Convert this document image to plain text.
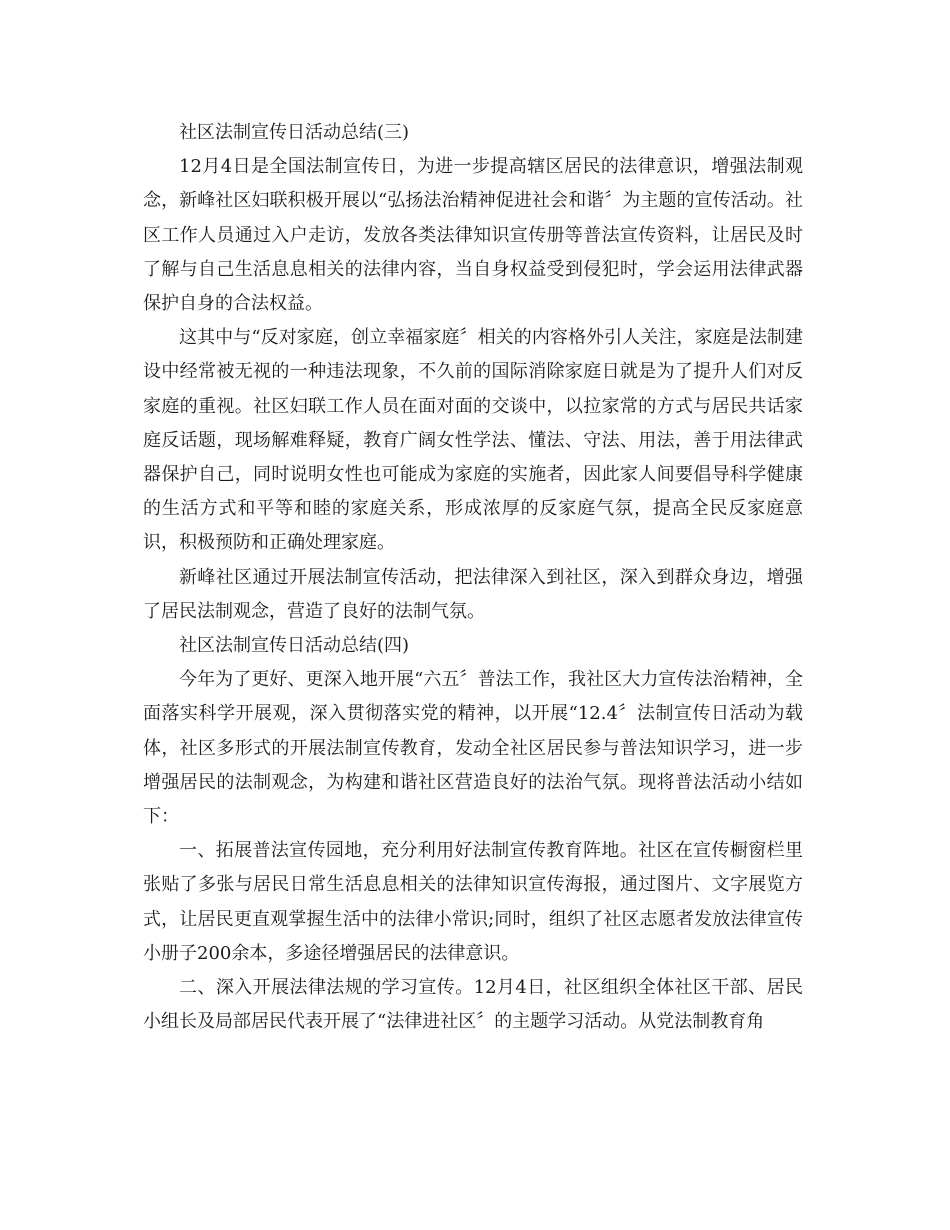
社区法制宣传日活动总结(三)

12月4日是全国法制宣传日，为进一步提高辖区居民的法律意识，增强法制观念，新峰社区妇联积极开展以“弘扬法治精神促进社会和谐〞为主题的宣传活动。社区工作人员通过入户走访，发放各类法律知识宣传册等普法宣传资料，让居民及时了解与自己生活息息相关的法律内容，当自身权益受到侵犯时，学会运用法律武器保护自身的合法权益。

这其中与“反对家庭，创立幸福家庭〞相关的内容格外引人关注，家庭是法制建设中经常被无视的一种违法现象，不久前的国际消除家庭日就是为了提升人们对反家庭的重视。社区妇联工作人员在面对面的交谈中，以拉家常的方式与居民共话家庭反话题，现场解难释疑，教育广阔女性学法、懂法、守法、用法，善于用法律武器保护自己，同时说明女性也可能成为家庭的实施者，因此家人间要倡导科学健康的生活方式和平等和睦的家庭关系，形成浓厚的反家庭气氛，提高全民反家庭意识，积极预防和正确处理家庭。

新峰社区通过开展法制宣传活动，把法律深入到社区，深入到群众身边，增强了居民法制观念，营造了良好的法制气氛。

社区法制宣传日活动总结(四)

今年为了更好、更深入地开展“六五〞普法工作，我社区大力宣传法治精神，全面落实科学开展观，深入贯彻落实党的精神，以开展“12.4〞法制宣传日活动为载体，社区多形式的开展法制宣传教育，发动全社区居民参与普法知识学习，进一步增强居民的法制观念，为构建和谐社区营造良好的法治气氛。现将普法活动小结如下：

一、拓展普法宣传园地，充分利用好法制宣传教育阵地。社区在宣传橱窗栏里张贴了多张与居民日常生活息息相关的法律知识宣传海报，通过图片、文字展览方式，让居民更直观掌握生活中的法律小常识;同时，组织了社区志愿者发放法律宣传小册子200余本，多途径增强居民的法律意识。

二、深入开展法律法规的学习宣传。12月4日，社区组织全体社区干部、居民小组长及局部居民代表开展了“法律进社区〞的主题学习活动。从党法制教育角
